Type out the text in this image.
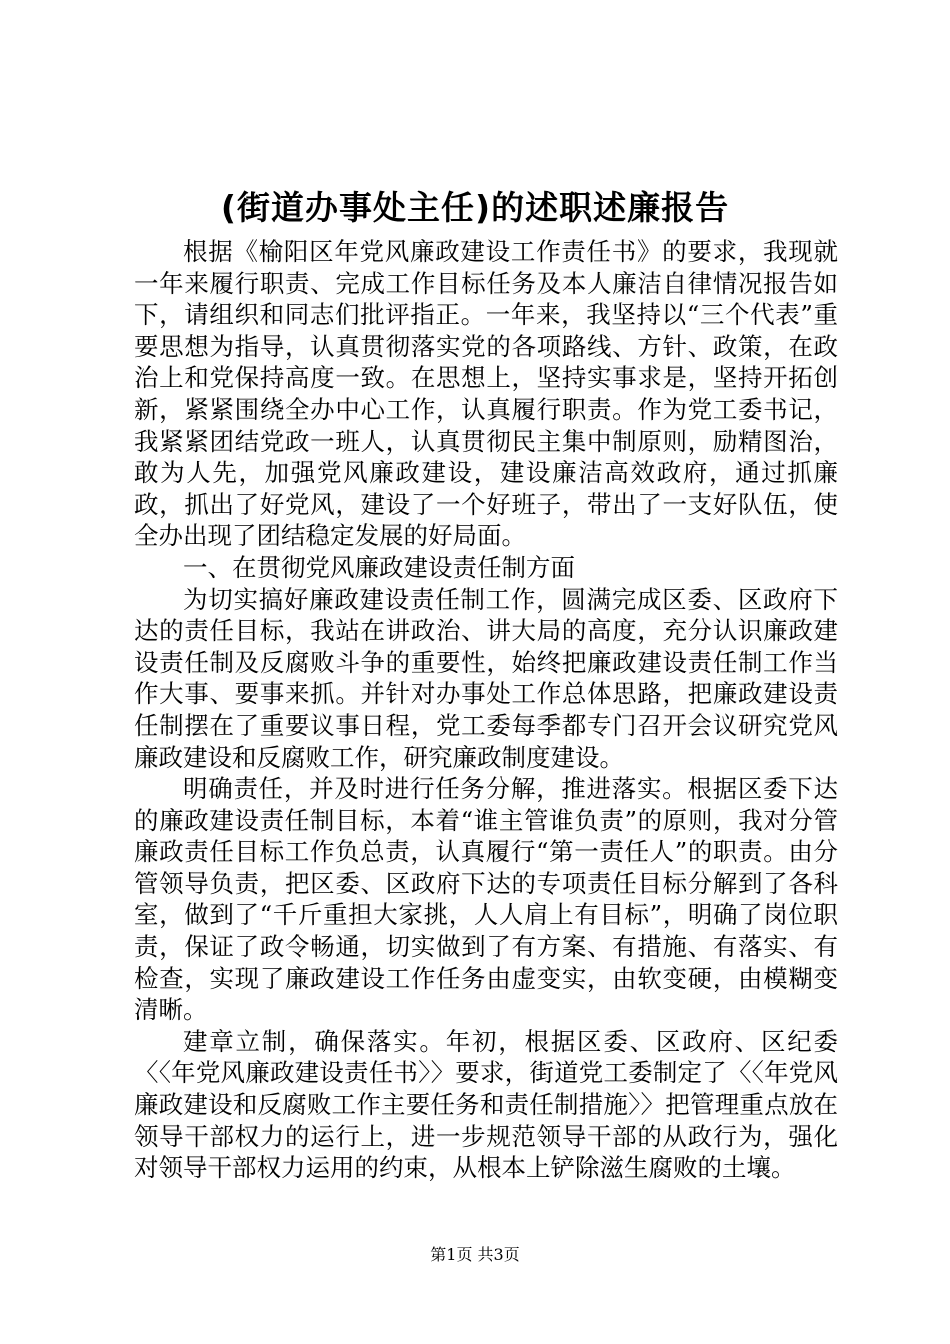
(街道办事处主任)的述职述廉报告

根据《榆阳区年党风廉政建设工作责任书》的要求，我现就一年来履行职责、完成工作目标任务及本人廉洁自律情况报告如下，请组织和同志们批评指正。一年来，我坚持以“三个代表”重要思想为指导，认真贯彻落实党的各项路线、方针、政策，在政治上和党保持高度一致。在思想上，坚持实事求是，坚持开拓创新，紧紧围绕全办中心工作，认真履行职责。作为党工委书记，我紧紧团结党政一班人，认真贯彻民主集中制原则，励精图治，敢为人先，加强党风廉政建设，建设廉洁高效政府，通过抓廉政，抓出了好党风，建设了一个好班子，带出了一支好队伍，使全办出现了团结稳定发展的好局面。

一、在贯彻党风廉政建设责任制方面

为切实搞好廉政建设责任制工作，圆满完成区委、区政府下达的责任目标，我站在讲政治、讲大局的高度，充分认识廉政建设责任制及反腐败斗争的重要性，始终把廉政建设责任制工作当作大事、要事来抓。并针对办事处工作总体思路，把廉政建设责任制摆在了重要议事日程，党工委每季都专门召开会议研究党风廉政建设和反腐败工作，研究廉政制度建设。

明确责任，并及时进行任务分解，推进落实。根据区委下达的廉政建设责任制目标，本着“谁主管谁负责”的原则，我对分管廉政责任目标工作负总责，认真履行“第一责任人”的职责。由分管领导负责，把区委、区政府下达的专项责任目标分解到了各科室，做到了“千斤重担大家挑，人人肩上有目标”，明确了岗位职责，保证了政令畅通，切实做到了有方案、有措施、有落实、有检查，实现了廉政建设工作任务由虚变实，由软变硬，由模糊变清晰。

建章立制，确保落实。年初，根据区委、区政府、区纪委〈〈年党风廉政建设责任书〉〉要求，街道党工委制定了〈〈年党风廉政建设和反腐败工作主要任务和责任制措施〉〉把管理重点放在领导干部权力的运行上，进一步规范领导干部的从政行为，强化对领导干部权力运用的约束，从根本上铲除滋生腐败的土壤。

第1页 共3页
